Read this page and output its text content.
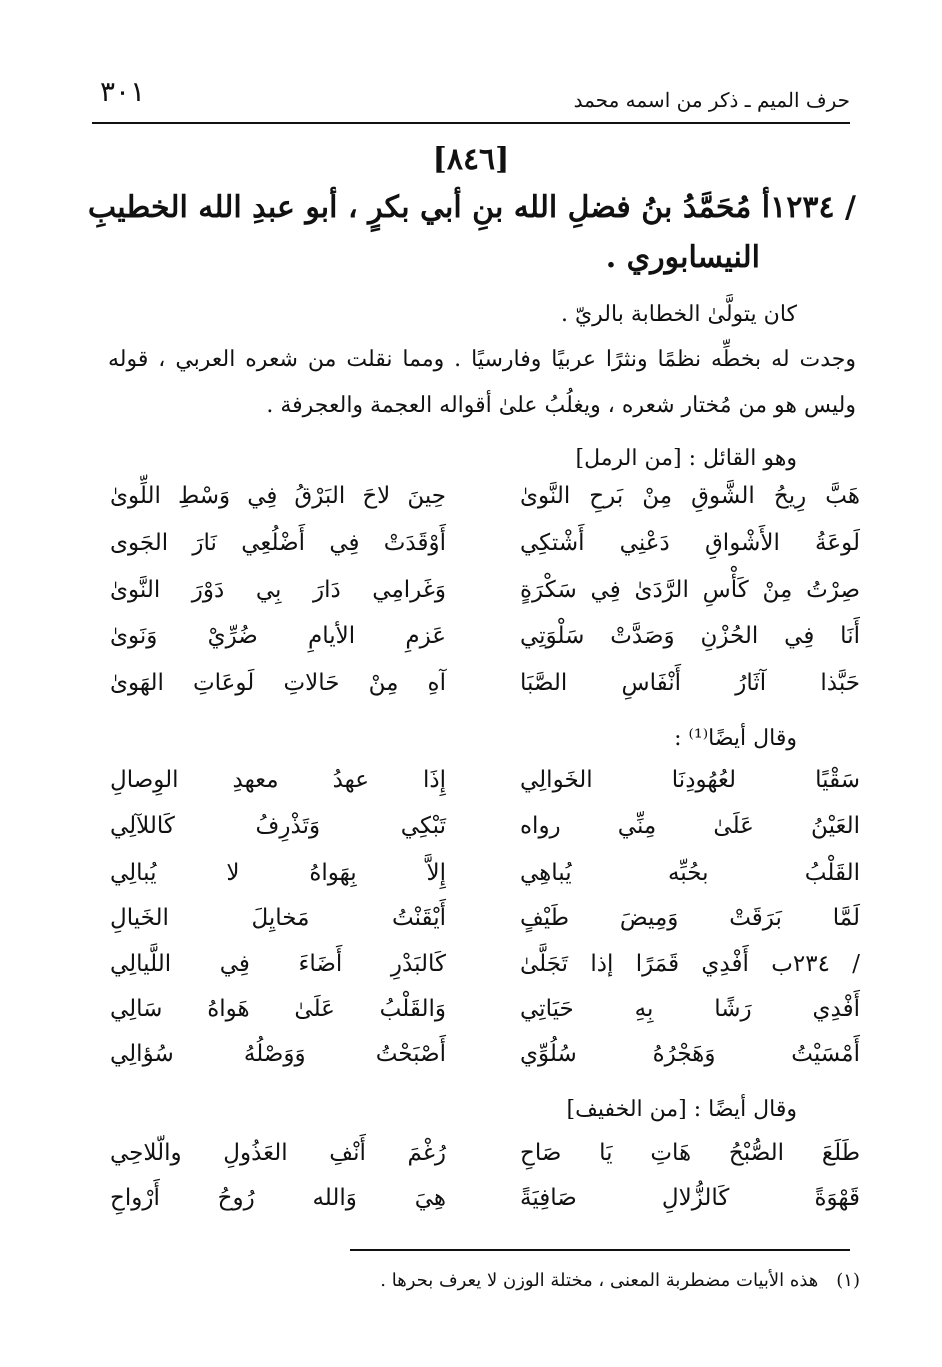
٣٠١	حرف الميم ـ ذكر من اسمه محمد
[٨٤٦]
/ ١٢٣٤أ مُحَمَّدُ بنُ فضلِ الله بنِ أبي بكرٍ ، أبو عبدِ الله الخطيبِ
النيسابوري .
كان يتولَّىٰ الخطابة بالريّ .
وجدت له بخطِّه نظمًا ونثرًا عربيًا وفارسيًا . ومما نقلت من شعره العربي ، قوله
وليس هو من مُختار شعره ، ويغلُبُ علىٰ أقواله العجمة والعجرفة .
وهو القائل : [من الرمل]
هَبَّ رِيحُ الشَّوقِ مِنْ بَرحِ النَّوىٰ
حِينَ لاحَ البَرْقُ فِي وَسْطِ اللِّوىٰ
لَوعَةُ الأَشْواقِ دَعْنِي أَشْتكِي
أَوْقَدَتْ فِي أَضْلُعِي نَارَ الجَوى
صِرْتُ مِنْ كَأْسِ الرَّدَىٰ فِي سَكْرَةٍ
وَغَرامِي دَارَ بِي دَوْرَ النَّوىٰ
أَنَا فِي الحُزْنِ وَصَدَّتْ سَلْوَتِي
عَزمِ الأيامِ ضُرِّيْ وَنَوىٰ
حَبَّذا آثَارُ أَنْفَاسِ الصَّبَا
آهِ مِنْ حَالاتِ لَوعَاتِ الهَوىٰ
وقال أيضًا⁽¹⁾ :
سَقْيًا لعُهُودِنَا الخَوالِي
إِذَا عهدُ معهدِ الوِصالِ
العَيْنُ عَلَىٰ مِنِّي رواه
تَبْكِي وَتَذْرِفُ كَاللآلِي
القَلْبُ بحُبِّه يُباهِي
إِلاَّ بِهَواهُ لا يُبالِي
لَمَّا بَرَقَتْ وَمِيضَ طَيْفٍ
أَيْقَنْتُ مَخايِلَ الخَيالِ
/ ٢٣٤ب أَفْدِي قَمَرًا إذا تَجَلَّىٰ
كَالبَدْرِ أَضَاءَ فِي اللَّيالِي
أَفْدِي رَشًا بِهِ حَيَاتِي
وَالقَلْبُ عَلَىٰ هَواهُ سَالِي
أَمْسَيْتُ وَهَجْرُهُ سُلُوِّي
أَصْبَحْتُ وَوَصْلُهُ سُؤالِي
وقال أيضًا : [من الخفيف]
طَلَعَ الصُّبْحُ هَاتِ يَا صَاحِ
رُغْمَ أَنْفِ العَذُولِ والّلاحِي
قَهْوَةً كَالزُّلالِ صَافِيَةً
هِيَ وَالله رُوحُ أَرْواحِ
(١)هذه الأبيات مضطربة المعنى ، مختلة الوزن لا يعرف بحرها .
